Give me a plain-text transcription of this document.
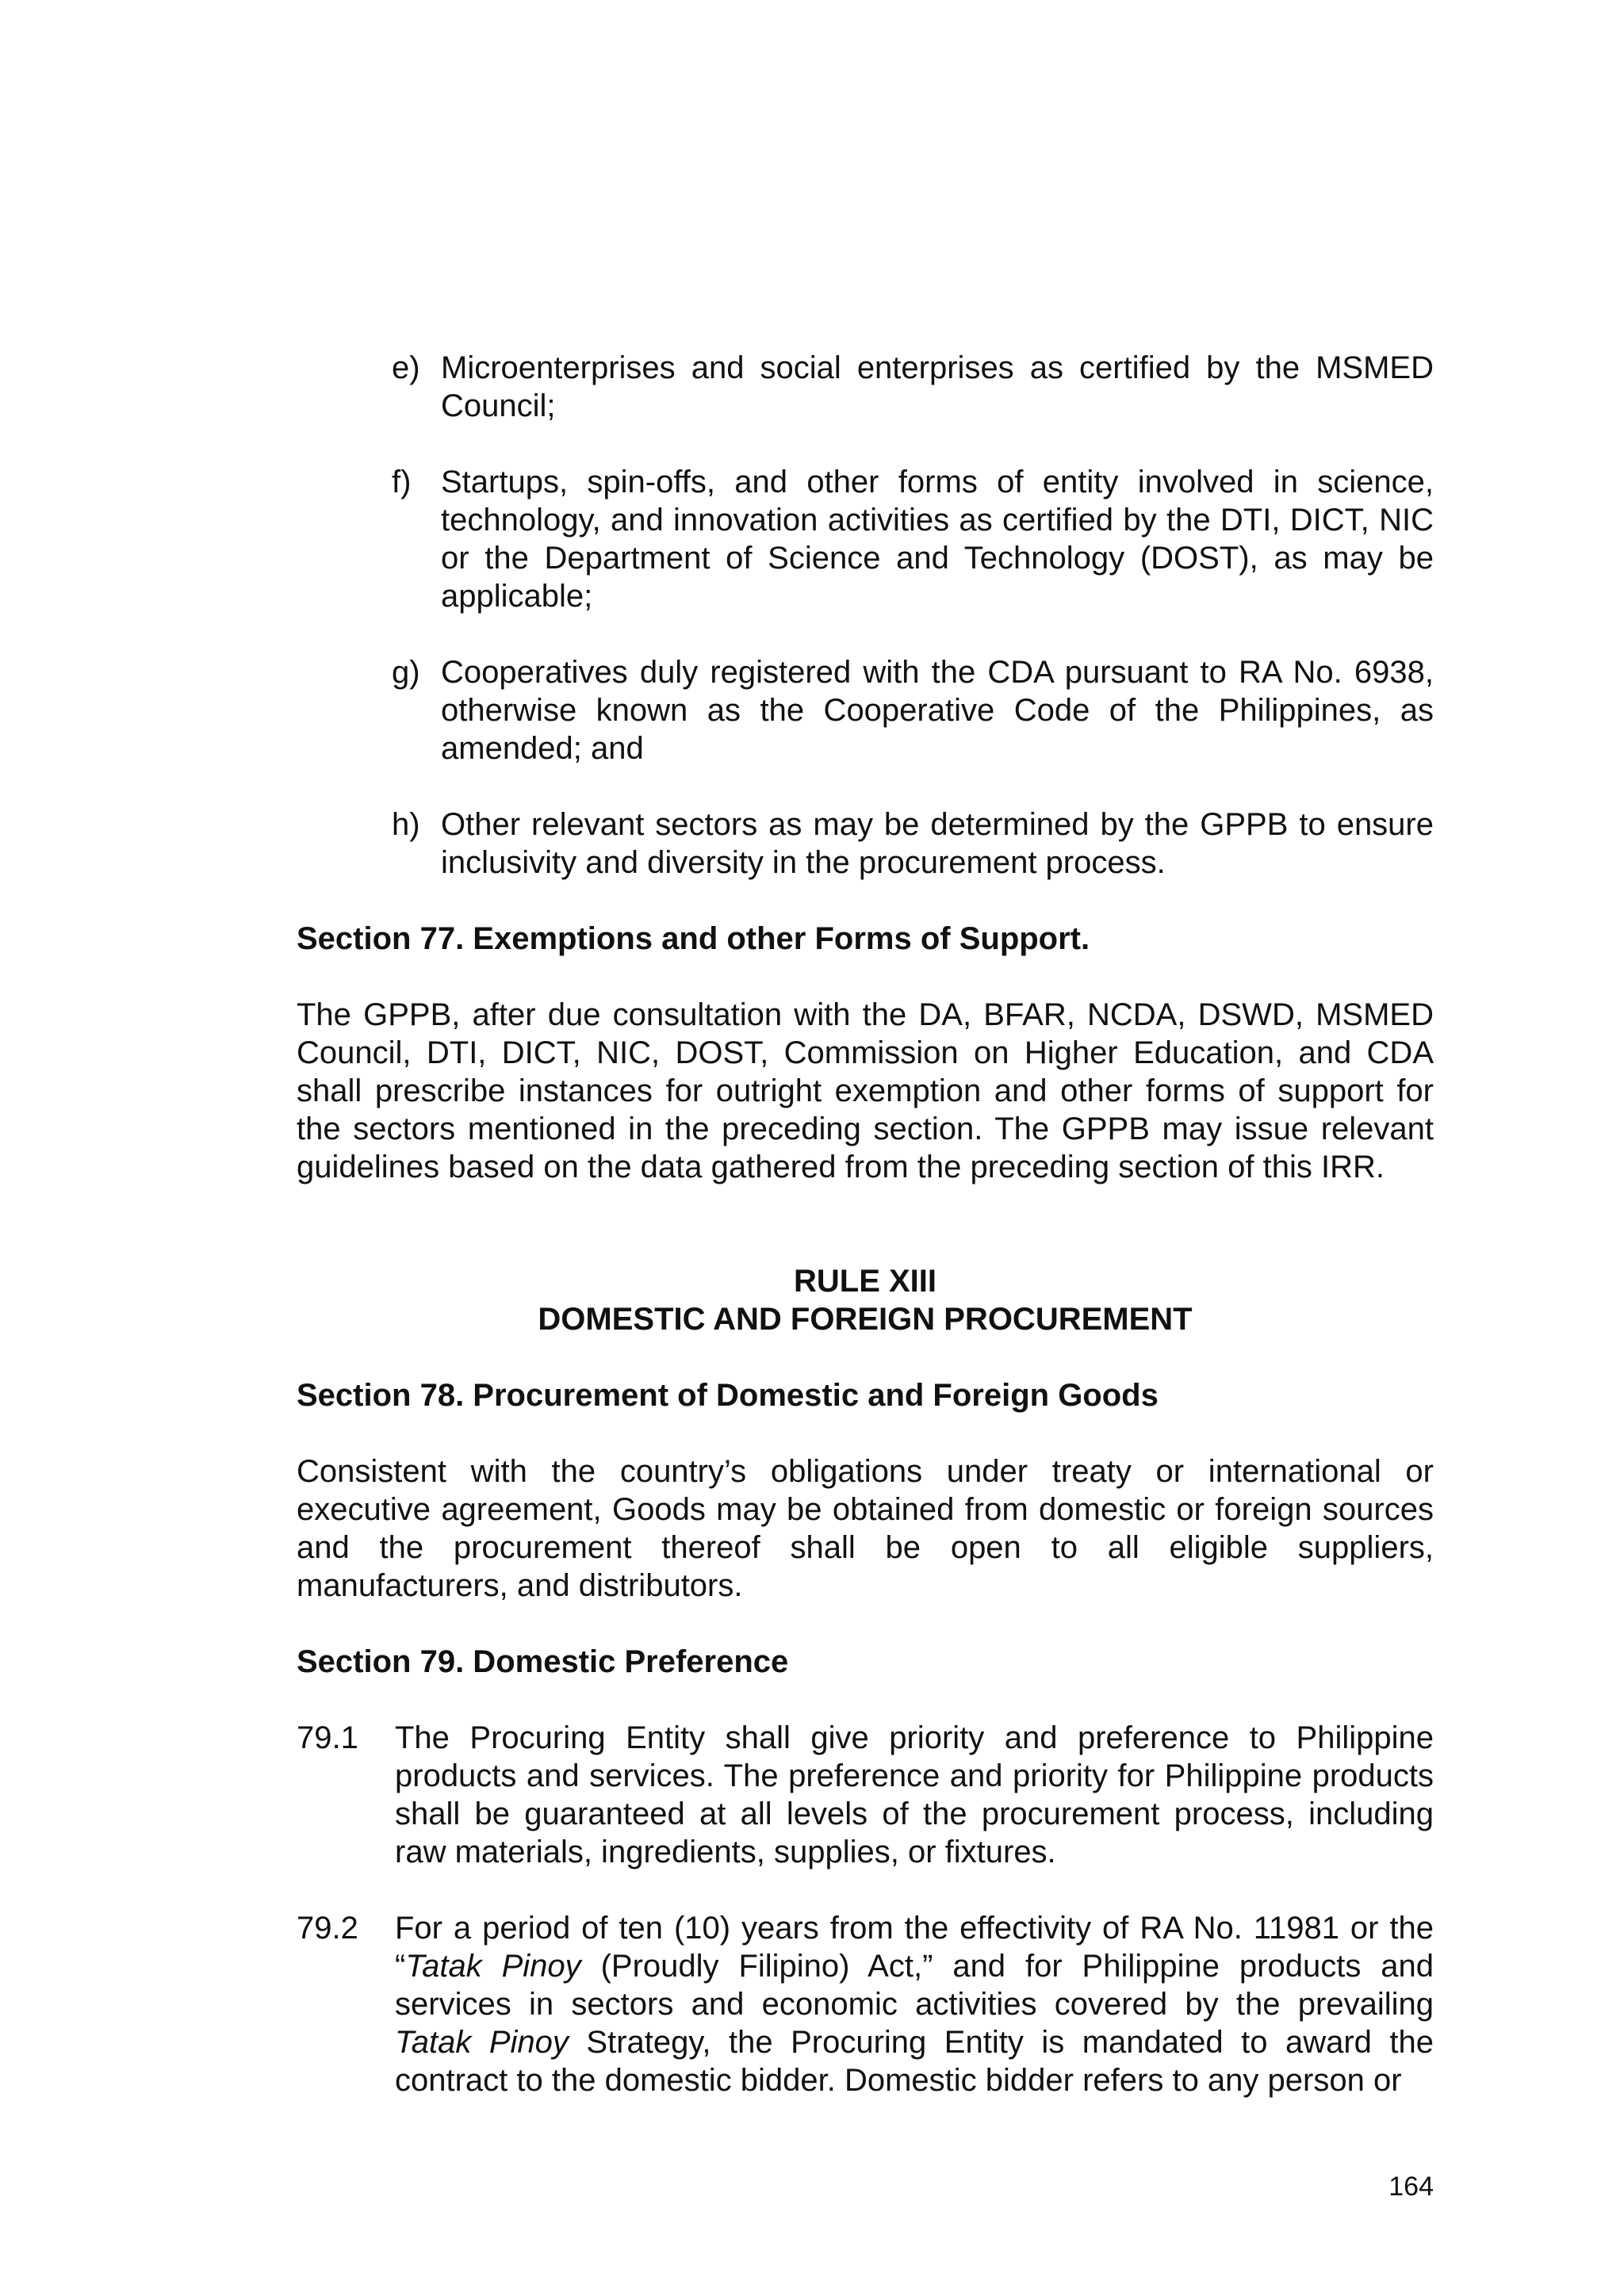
e) Microenterprises and social enterprises as certified by the MSMED Council;
f) Startups, spin-offs, and other forms of entity involved in science, technology, and innovation activities as certified by the DTI, DICT, NIC or the Department of Science and Technology (DOST), as may be applicable;
g) Cooperatives duly registered with the CDA pursuant to RA No. 6938, otherwise known as the Cooperative Code of the Philippines, as amended; and
h) Other relevant sectors as may be determined by the GPPB to ensure inclusivity and diversity in the procurement process.
Section 77. Exemptions and other Forms of Support.
The GPPB, after due consultation with the DA, BFAR, NCDA, DSWD, MSMED Council, DTI, DICT, NIC, DOST, Commission on Higher Education, and CDA shall prescribe instances for outright exemption and other forms of support for the sectors mentioned in the preceding section. The GPPB may issue relevant guidelines based on the data gathered from the preceding section of this IRR.
RULE XIII
DOMESTIC AND FOREIGN PROCUREMENT
Section 78. Procurement of Domestic and Foreign Goods
Consistent with the country’s obligations under treaty or international or executive agreement, Goods may be obtained from domestic or foreign sources and the procurement thereof shall be open to all eligible suppliers, manufacturers, and distributors.
Section 79. Domestic Preference
79.1	The Procuring Entity shall give priority and preference to Philippine products and services. The preference and priority for Philippine products shall be guaranteed at all levels of the procurement process, including raw materials, ingredients, supplies, or fixtures.
79.2	For a period of ten (10) years from the effectivity of RA No. 11981 or the “Tatak Pinoy (Proudly Filipino) Act,” and for Philippine products and services in sectors and economic activities covered by the prevailing Tatak Pinoy Strategy, the Procuring Entity is mandated to award the contract to the domestic bidder. Domestic bidder refers to any person or
164
